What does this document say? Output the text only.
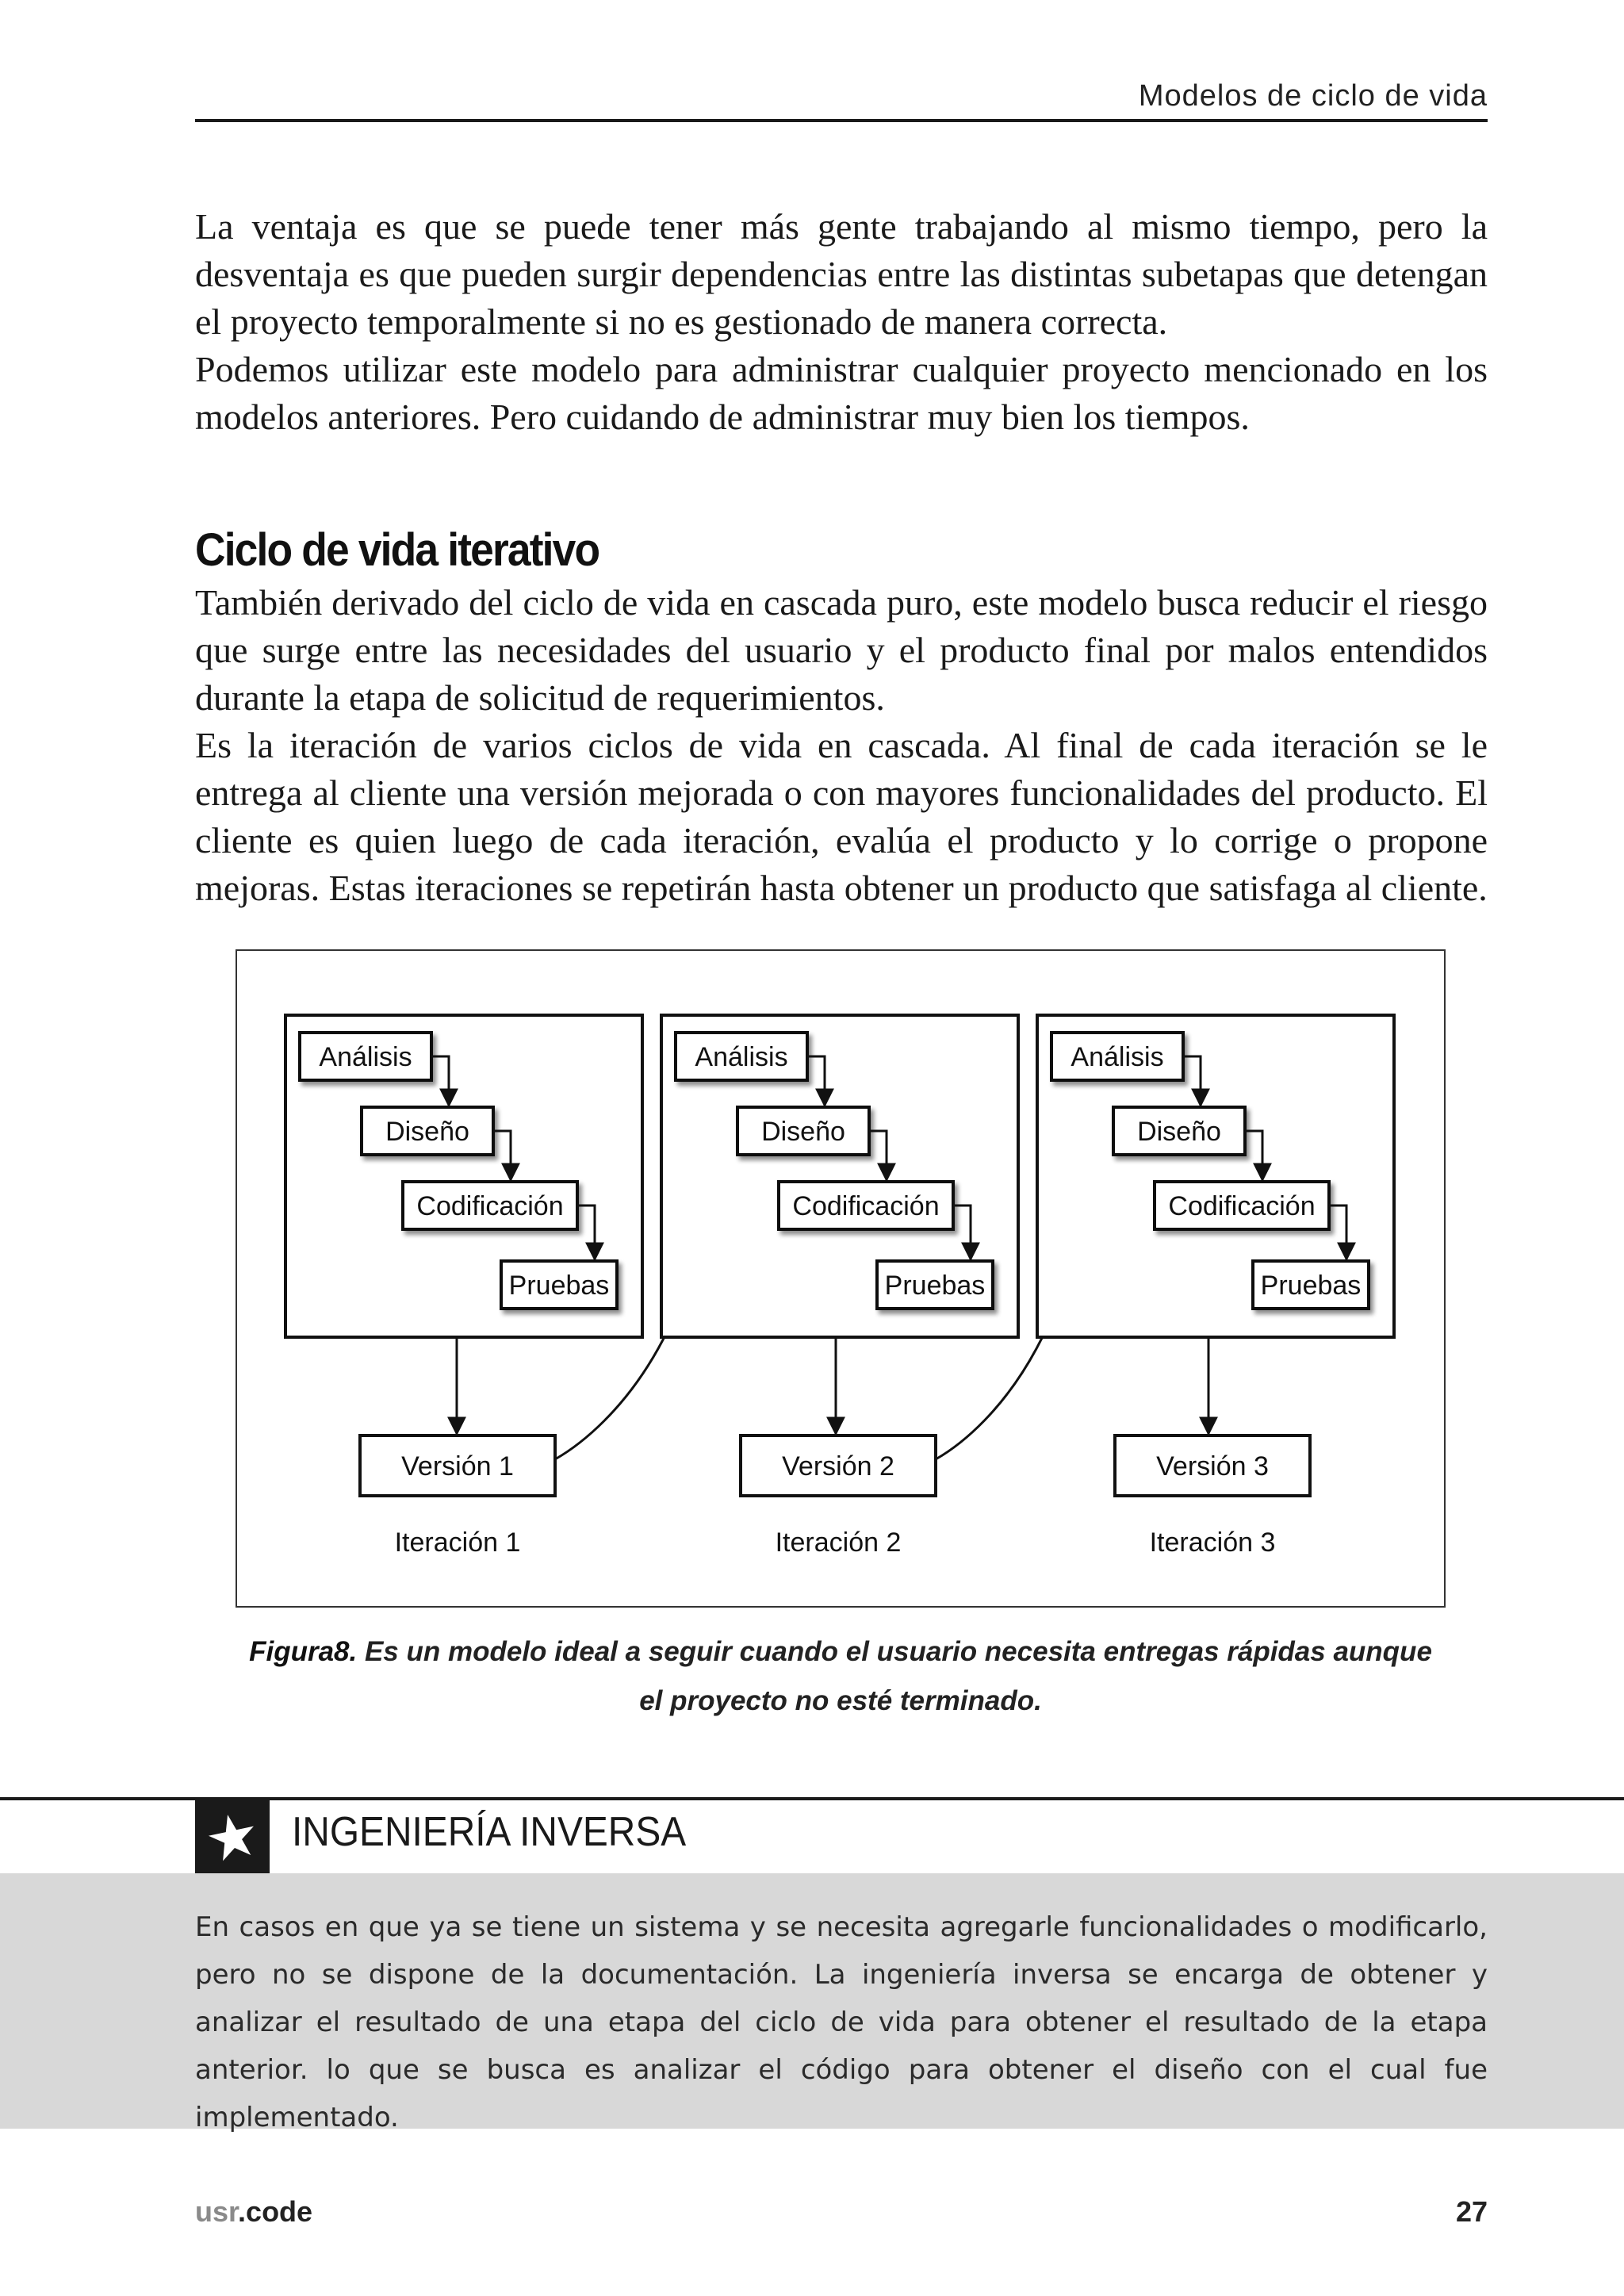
Modelos de ciclo de vida

La ventaja es que se puede tener más gente trabajando al mismo tiempo, pero la desventaja es que pueden surgir dependencias entre las distintas subetapas que detengan el proyecto temporalmente si no es gestionado de manera correcta.
Podemos utilizar este modelo para administrar cualquier proyecto mencionado en los modelos anteriores. Pero cuidando de administrar muy bien los tiempos.

Ciclo de vida iterativo

También derivado del ciclo de vida en cascada puro, este modelo busca reducir el riesgo que surge entre las necesidades del usuario y el producto final por malos entendidos durante la etapa de solicitud de requerimientos.
Es la iteración de varios ciclos de vida en cascada. Al final de cada iteración se le entrega al cliente una versión mejorada o con mayores funcionalidades del producto. El cliente es quien luego de cada iteración, evalúa el producto y lo corrige o propone mejoras. Estas iteraciones se repetirán hasta obtener un producto que satisfaga al cliente.

Análisis
Diseño
Codificación
Pruebas
Versión 1
Iteración 1
Análisis
Diseño
Codificación
Pruebas
Versión 2
Iteración 2
Análisis
Diseño
Codificación
Pruebas
Versión 3
Iteración 3
Figura8. Es un modelo ideal a seguir cuando el usuario necesita entregas rápidas aunque el proyecto no esté terminado.
INGENIERÍA INVERSA

En casos en que ya se tiene un sistema y se necesita agregarle funcionalidades o modificarlo, pero no se dispone de la documentación. La ingeniería inversa se encarga de obtener y analizar el resultado de una etapa del ciclo de vida para obtener el resultado de la etapa anterior. lo que se busca es analizar el código para obtener el diseño con el cual fue implementado.

usr.code	27
